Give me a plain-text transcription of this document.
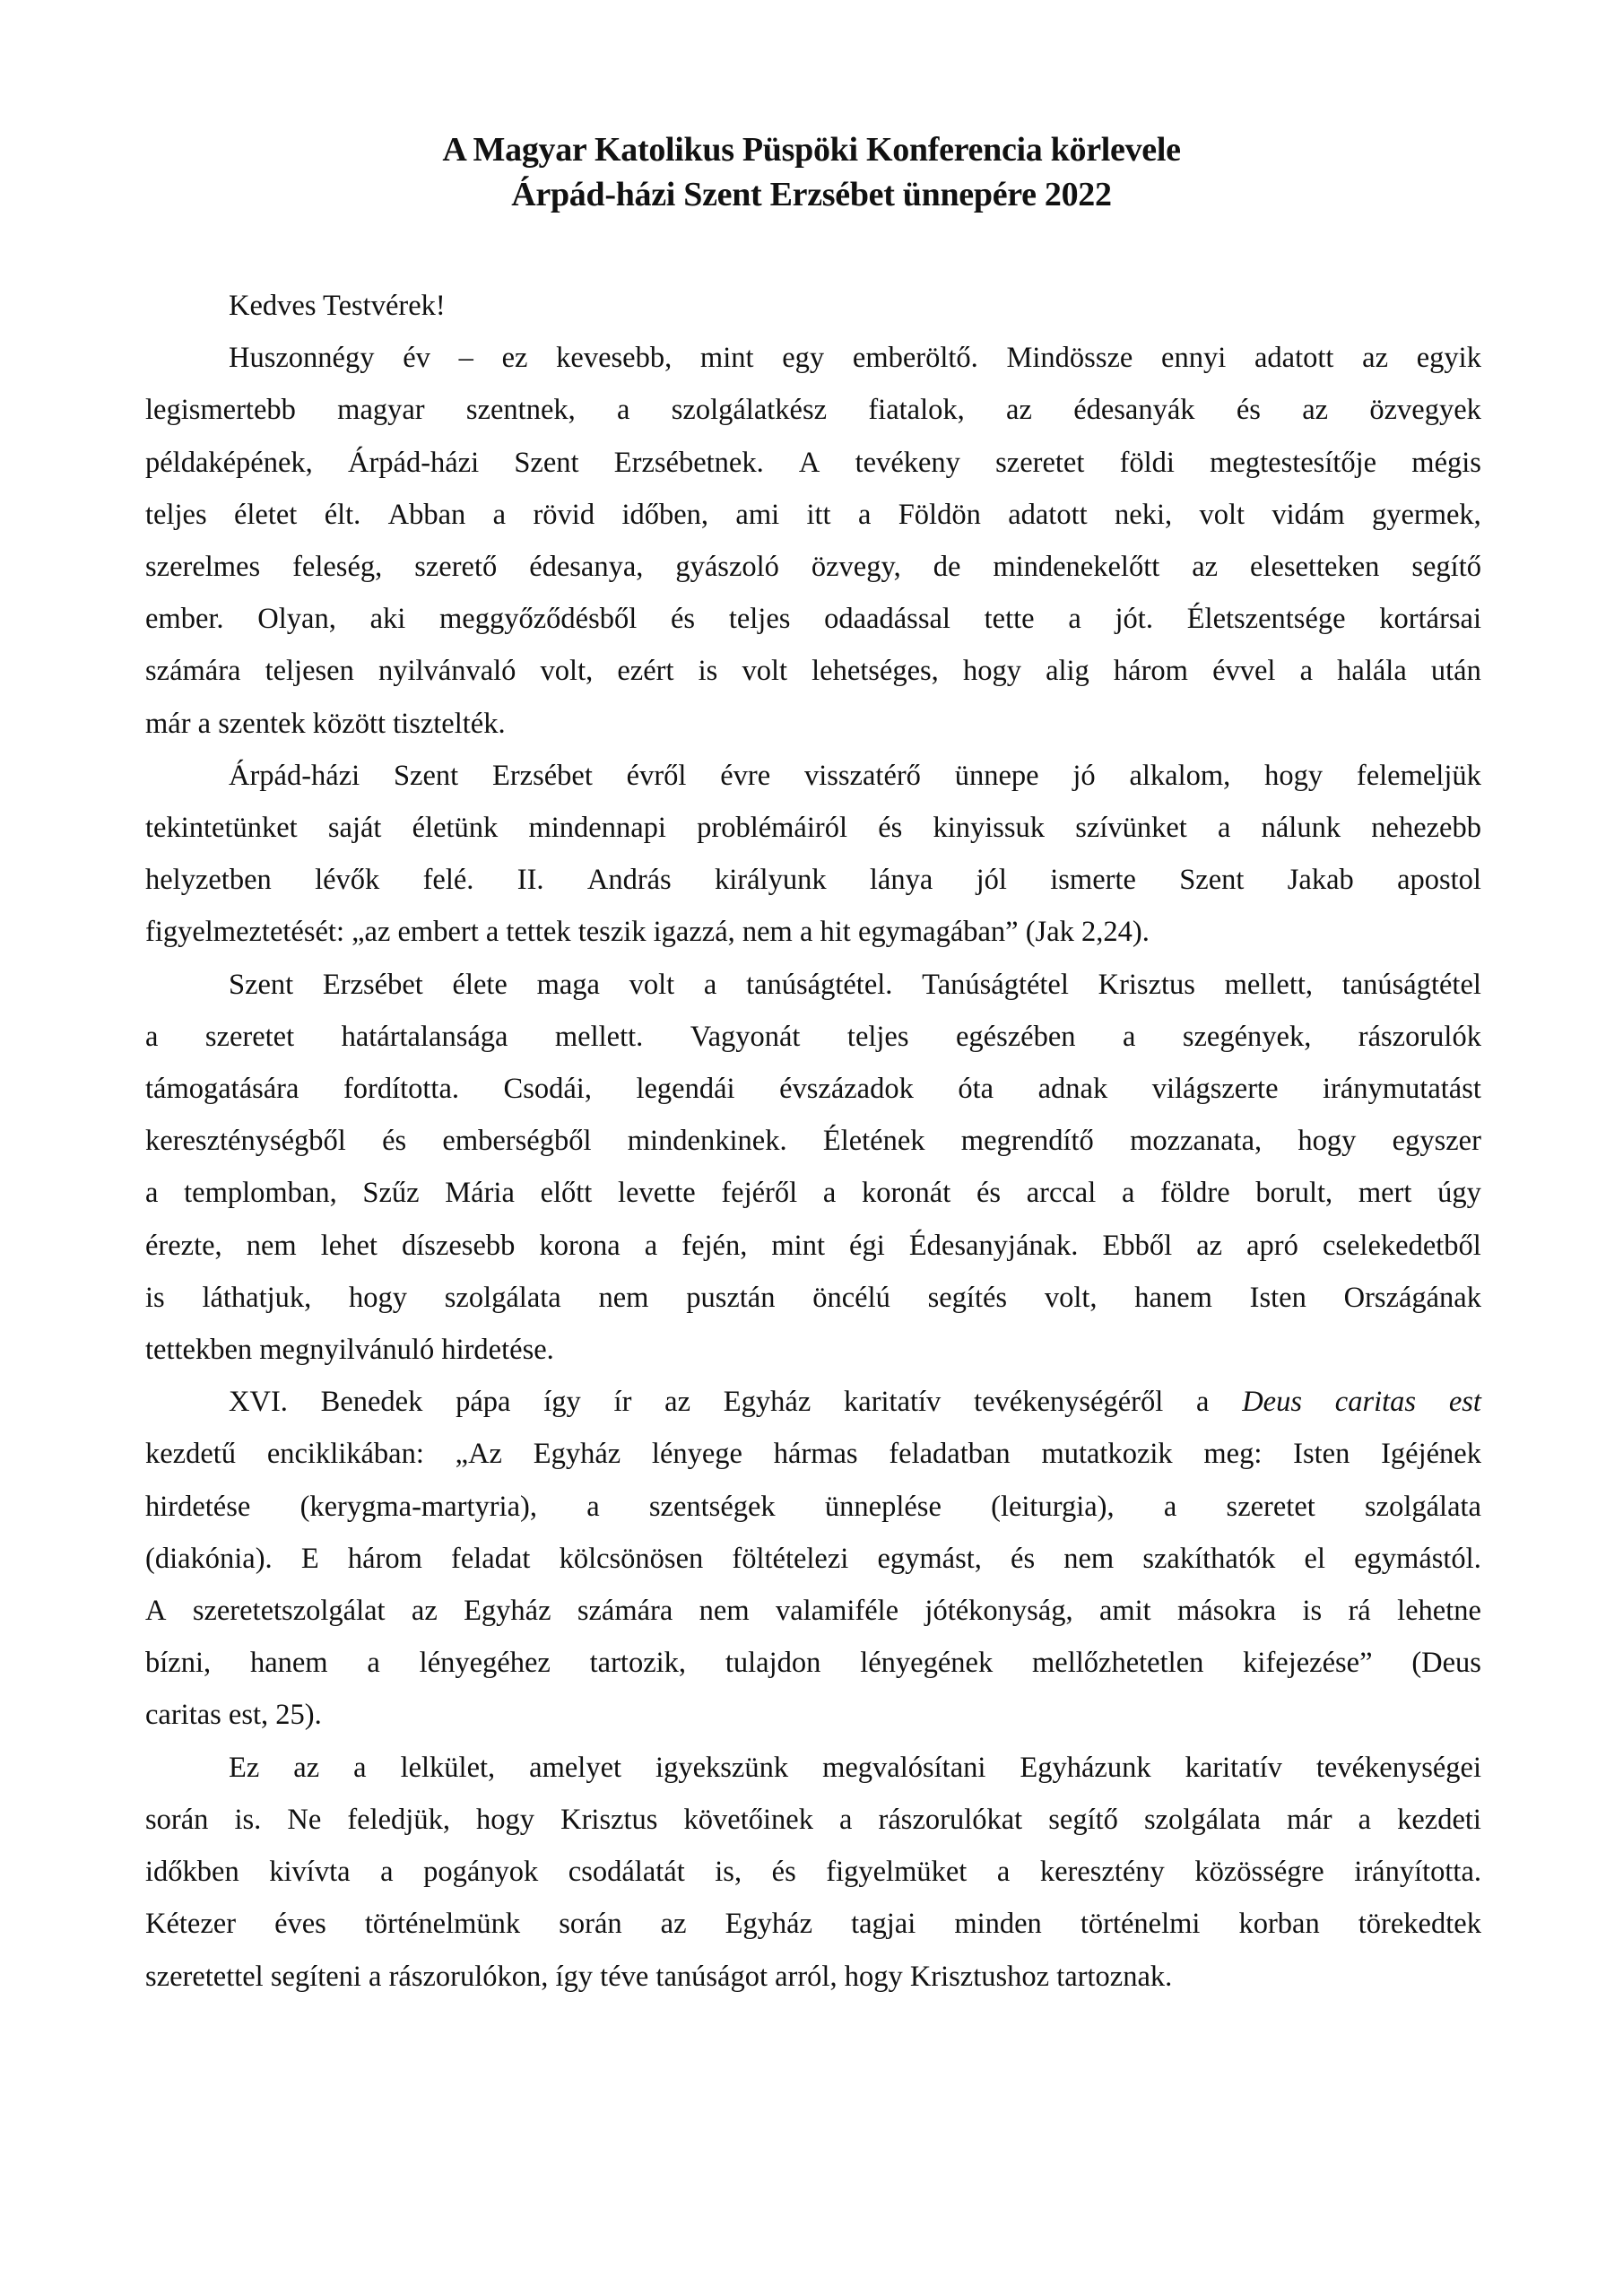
A Magyar Katolikus Püspöki Konferencia körlevele
Árpád-házi Szent Erzsébet ünnepére 2022
Kedves Testvérek!
Huszonnégy év – ez kevesebb, mint egy emberöltő. Mindössze ennyi adatott az egyik
legismertebb magyar szentnek, a szolgálatkész fiatalok, az édesanyák és az özvegyek
példaképének, Árpád-házi Szent Erzsébetnek. A tevékeny szeretet földi megtestesítője mégis
teljes életet élt. Abban a rövid időben, ami itt a Földön adatott neki, volt vidám gyermek,
szerelmes feleség, szerető édesanya, gyászoló özvegy, de mindenekelőtt az elesetteken segítő
ember. Olyan, aki meggyőződésből és teljes odaadással tette a jót. Életszentsége kortársai
számára teljesen nyilvánvaló volt, ezért is volt lehetséges, hogy alig három évvel a halála után
már a szentek között tisztelték.
Árpád-házi Szent Erzsébet évről évre visszatérő ünnepe jó alkalom, hogy felemeljük
tekintetünket saját életünk mindennapi problémáiról és kinyissuk szívünket a nálunk nehezebb
helyzetben lévők felé. II. András királyunk lánya jól ismerte Szent Jakab apostol
figyelmeztetését: „az embert a tettek teszik igazzá, nem a hit egymagában” (Jak 2,24).
Szent Erzsébet élete maga volt a tanúságtétel. Tanúságtétel Krisztus mellett, tanúságtétel
a szeretet határtalansága mellett. Vagyonát teljes egészében a szegények, rászorulók
támogatására fordította. Csodái, legendái évszázadok óta adnak világszerte iránymutatást
kereszténységből és emberségből mindenkinek. Életének megrendítő mozzanata, hogy egyszer
a templomban, Szűz Mária előtt levette fejéről a koronát és arccal a földre borult, mert úgy
érezte, nem lehet díszesebb korona a fején, mint égi Édesanyjának. Ebből az apró cselekedetből
is láthatjuk, hogy szolgálata nem pusztán öncélú segítés volt, hanem Isten Országának
tettekben megnyilvánuló hirdetése.
XVI. Benedek pápa így ír az Egyház karitatív tevékenységéről a Deus caritas est
kezdetű enciklikában: „Az Egyház lényege hármas feladatban mutatkozik meg: Isten Igéjének
hirdetése (kerygma-martyria), a szentségek ünneplése (leiturgia), a szeretet szolgálata
(diakónia). E három feladat kölcsönösen föltételezi egymást, és nem szakíthatók el egymástól.
A szeretetszolgálat az Egyház számára nem valamiféle jótékonyság, amit másokra is rá lehetne
bízni, hanem a lényegéhez tartozik, tulajdon lényegének mellőzhetetlen kifejezése” (Deus
caritas est, 25).
Ez az a lelkület, amelyet igyekszünk megvalósítani Egyházunk karitatív tevékenységei
során is. Ne feledjük, hogy Krisztus követőinek a rászorulókat segítő szolgálata már a kezdeti
időkben kivívta a pogányok csodálatát is, és figyelmüket a keresztény közösségre irányította.
Kétezer éves történelmünk során az Egyház tagjai minden történelmi korban törekedtek
szeretettel segíteni a rászorulókon, így téve tanúságot arról, hogy Krisztushoz tartoznak.
